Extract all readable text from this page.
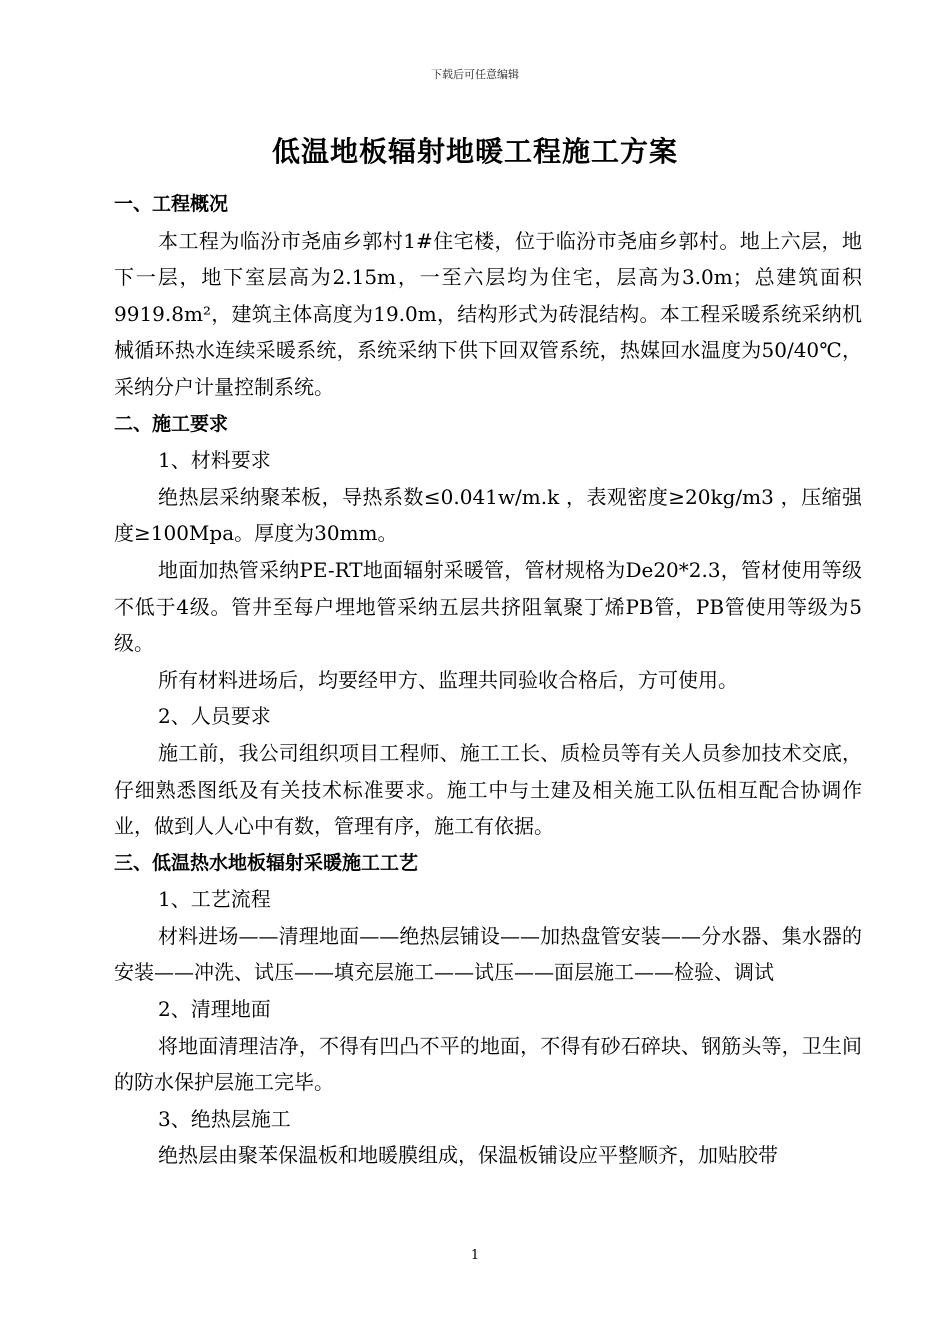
下载后可任意编辑
低温地板辐射地暖工程施工方案

一、工程概况

本工程为临汾市尧庙乡郭村1#住宅楼，位于临汾市尧庙乡郭村。地上六层，地下一层，地下室层高为2.15m，一至六层均为住宅，层高为3.0m；总建筑面积9919.8m²，建筑主体高度为19.0m，结构形式为砖混结构。本工程采暖系统采纳机械循环热水连续采暖系统，系统采纳下供下回双管系统，热媒回水温度为50/40℃，采纳分户计量控制系统。

二、施工要求

1、材料要求

绝热层采纳聚苯板，导热系数≤0.041w/m.k ，表观密度≥20kg/m3 ，压缩强度≥100Mpa。厚度为30mm。

地面加热管采纳PE-RT地面辐射采暖管，管材规格为De20*2.3，管材使用等级不低于4级。管井至每户埋地管采纳五层共挤阻氧聚丁烯PB管，PB管使用等级为5级。

所有材料进场后，均要经甲方、监理共同验收合格后，方可使用。

2、人员要求

施工前，我公司组织项目工程师、施工工长、质检员等有关人员参加技术交底，仔细熟悉图纸及有关技术标准要求。施工中与土建及相关施工队伍相互配合协调作业，做到人人心中有数，管理有序，施工有依据。

三、低温热水地板辐射采暖施工工艺

1、工艺流程

材料进场——清理地面——绝热层铺设——加热盘管安装——分水器、集水器的安装——冲洗、试压——填充层施工——试压——面层施工——检验、调试

2、清理地面

将地面清理洁净，不得有凹凸不平的地面，不得有砂石碎块、钢筋头等，卫生间的防水保护层施工完毕。

3、绝热层施工

绝热层由聚苯保温板和地暖膜组成，保温板铺设应平整顺齐，加贴胶带

1
